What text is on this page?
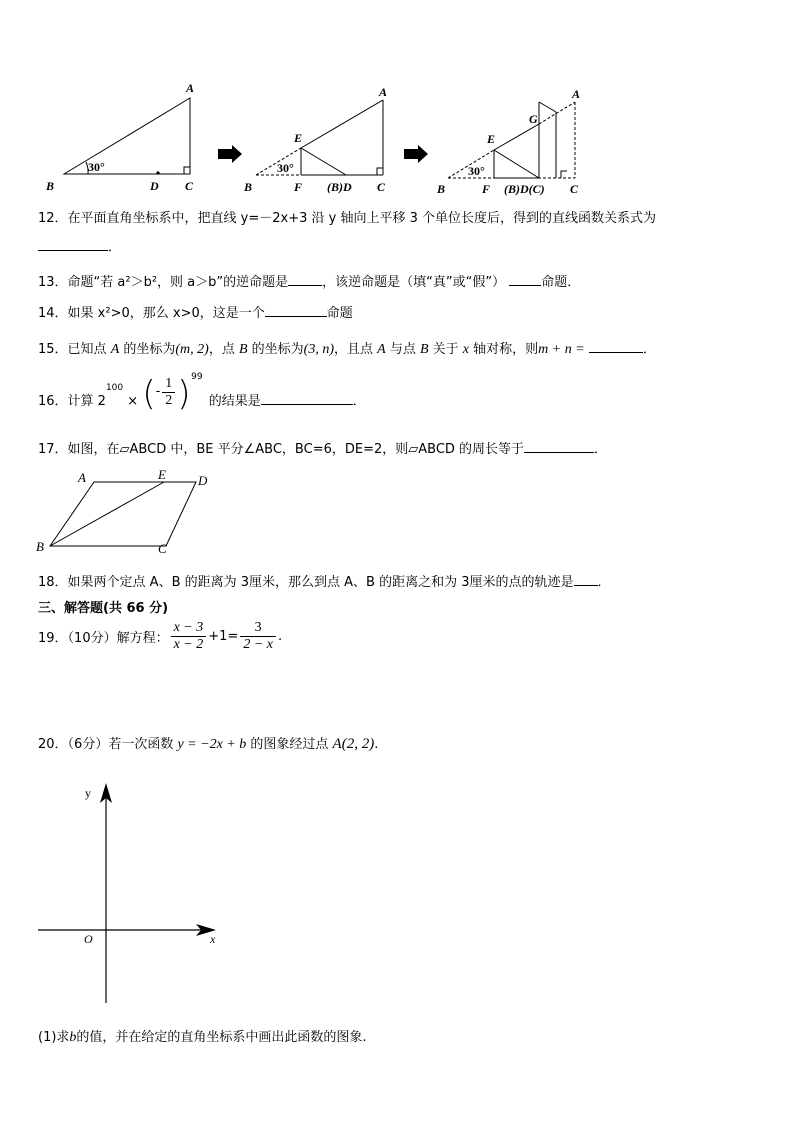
A
B	D C
30°
A
E
30°
B	F (B)D C
A
G
E
30°
B	F (B)D(C) C
12．在平面直角坐标系中，把直线 y=－2x+3 沿 y 轴向上平移 3 个单位长度后，得到的直线函数关系式为
．
13．命题“若 a²＞b²，则 a＞b”的逆命题是	，该逆命题是（填“真”或“假”）	命题．
14．如果 x²>0，那么 x>0，这是一个	命题
15．已知点 A 的坐标为(m, 2)，点 B 的坐标为(3, n)，且点 A 与点 B 关于 x 轴对称，则m + n =	．
16．计算 $2^{100}$ × (- $\frac{1}{2}$ ) 99
的结果是	．
17．如图，在▱ABCD 中，BE 平分∠ABC，BC=6，DE=2，则▱ABCD 的周长等于	．
A	E D
B	C
18．如果两个定点 A、B 的距离为 3厘米，那么到点 A、B 的距离之和为 3厘米的点的轨迹是 ．
三、解答题(共 66 分)
19．（10分）解方程： $\frac{x - 3}{x - 2} +1= \frac{3}{2 - x}$ .
20．（6分）若一次函数 y = −2x + b 的图象经过点 A(2, 2).
y
x
O
(1)求b的值，并在给定的直角坐标系中画出此函数的图象.
